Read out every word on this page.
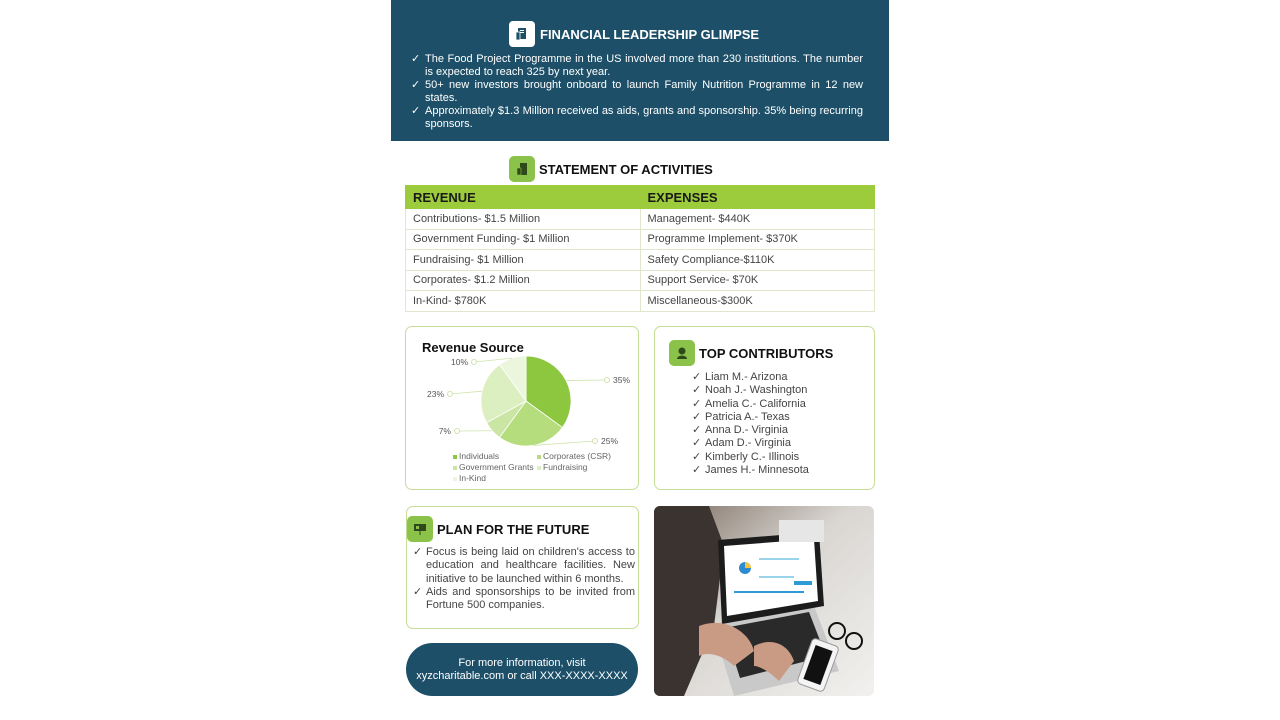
FINANCIAL LEADERSHIP GLIMPSE
✓ The Food Project Programme in the US involved more than 230 institutions. The number is expected to reach 325 by next year.
✓ 50+ new investors brought onboard to launch Family Nutrition Programme in 12 new states.
✓ Approximately $1.3 Million received as aids, grants and sponsorship. 35% being recurring sponsors.
STATEMENT OF ACTIVITIES
REVENUE	EXPENSES
Contributions- $1.5 Million	Management- $440K
Government Funding- $1 Million	Programme Implement- $370K
Fundraising- $1 Million	Safety Compliance-$110K
Corporates- $1.2 Million	Support Service- $70K
In-Kind- $780K	Miscellaneous-$300K
Revenue Source
35%
25%
7%
23%
10%
Individuals	Corporates (CSR)
Government Grants	Fundraising
In-Kind
TOP CONTRIBUTORS
✓ Liam M.- Arizona
✓ Noah J.- Washington
✓ Amelia C.- California
✓ Patricia A.- Texas
✓ Anna D.- Virginia
✓ Adam D.- Virginia
✓ Kimberly C.- Illinois
✓ James H.- Minnesota
PLAN FOR THE FUTURE
✓ Focus is being laid on children's access to education and healthcare facilities. New initiative to be launched within 6 months.
✓ Aids and sponsorships to be invited from Fortune 500 companies.
For more information, visit
xyzcharitable.com or call XXX-XXXX-XXXX
